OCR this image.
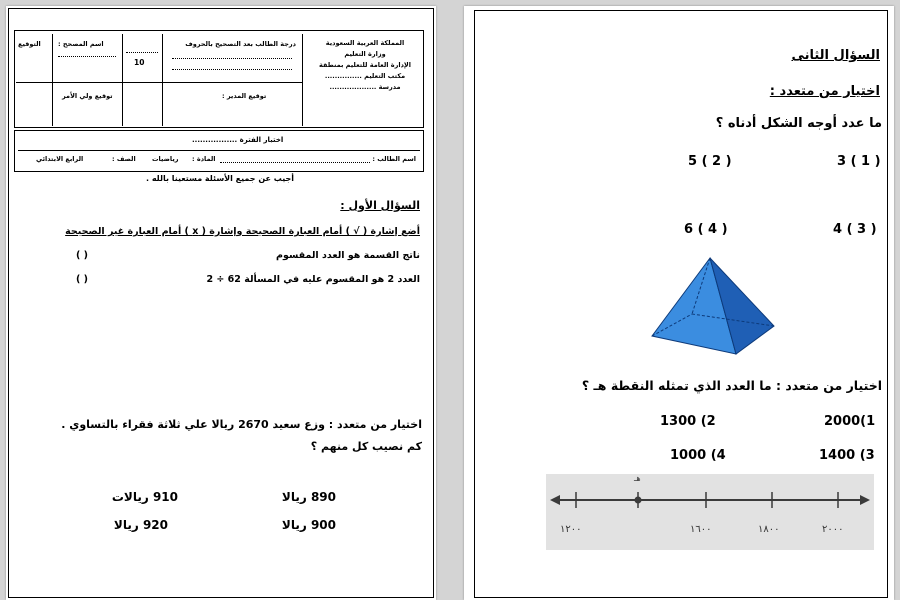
المملكة العربية السعودية
وزارة التعليم
الإدارة العامة للتعليم بمنطقة
مكتب التعليم ...............
مدرسة ...................
درجة الطالب بعد التصحيح بالحروف
10
اسم المصحح :
التوقيع
توقيع المدير :
توقيع ولي الأمر
اختبار الفترة .................
اسم الطالب :
المادة :
رياضيات
الصف :
الرابع الابتدائي
أجيب عن جميع الأسئلة مستعينا بالله .
السؤال الأول :
أضع إشارة ( √ ) أمام العبارة الصحيحة وإشارة ( x ) أمام العبارة غير الصحيحة
ناتج القسمة هو العدد المقسوم
( )
العدد 2 هو المقسوم عليه في المسألة 62 ÷ 2
( )
اختيار من متعدد : وزع سعيد 2670 ريالا علي ثلاثة فقراء بالتساوي .
كم نصيب كل منهم ؟
890 ريالا
910 ريالات
900 ريالا
920 ريالا
السؤال الثانى
اختيار من متعدد :
ما عدد أوجه الشكل أدناه ؟
3 ( 1 )
5 ( 2 )
4 ( 3 )
6 ( 4 )
اختيار من متعدد : ما العدد الذي تمثله النقطة هـ ؟
2000(1
1300 (2
1400 (3
1000 (4
هـ
٢٠٠٠
١٨٠٠
١٦٠٠
١٢٠٠
